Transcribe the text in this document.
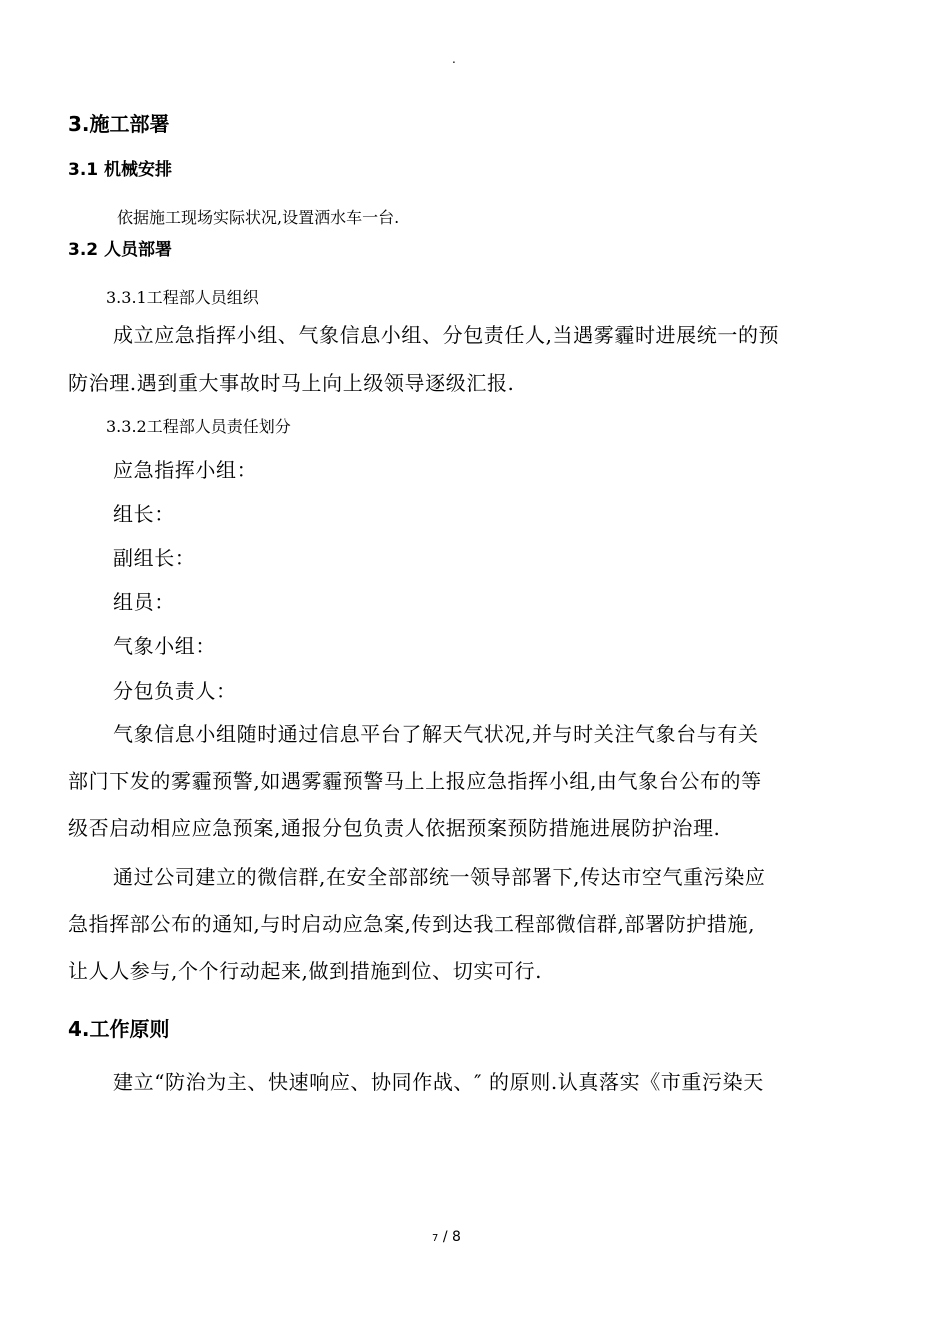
.
3.施工部署
3.1 机械安排
依据施工现场实际状况,设置洒水车一台.
3.2 人员部署
3.3.1工程部人员组织
成立应急指挥小组、气象信息小组、分包责任人,当遇雾霾时进展统一的预
防治理.遇到重大事故时马上向上级领导逐级汇报.
3.3.2工程部人员责任划分
应急指挥小组：
组长：
副组长：
组员：
气象小组：
分包负责人：
气象信息小组随时通过信息平台了解天气状况,并与时关注气象台与有关
部门下发的雾霾预警,如遇雾霾预警马上上报应急指挥小组,由气象台公布的等
级否启动相应应急预案,通报分包负责人依据预案预防措施进展防护治理.
通过公司建立的微信群,在安全部部统一领导部署下,传达市空气重污染应
急指挥部公布的通知,与时启动应急案,传到达我工程部微信群,部署防护措施,
让人人参与,个个行动起来,做到措施到位、切实可行.
4.工作原则
建立“防治为主、快速响应、协同作战、″ 的原则.认真落实《市重污染天
7 / 8
